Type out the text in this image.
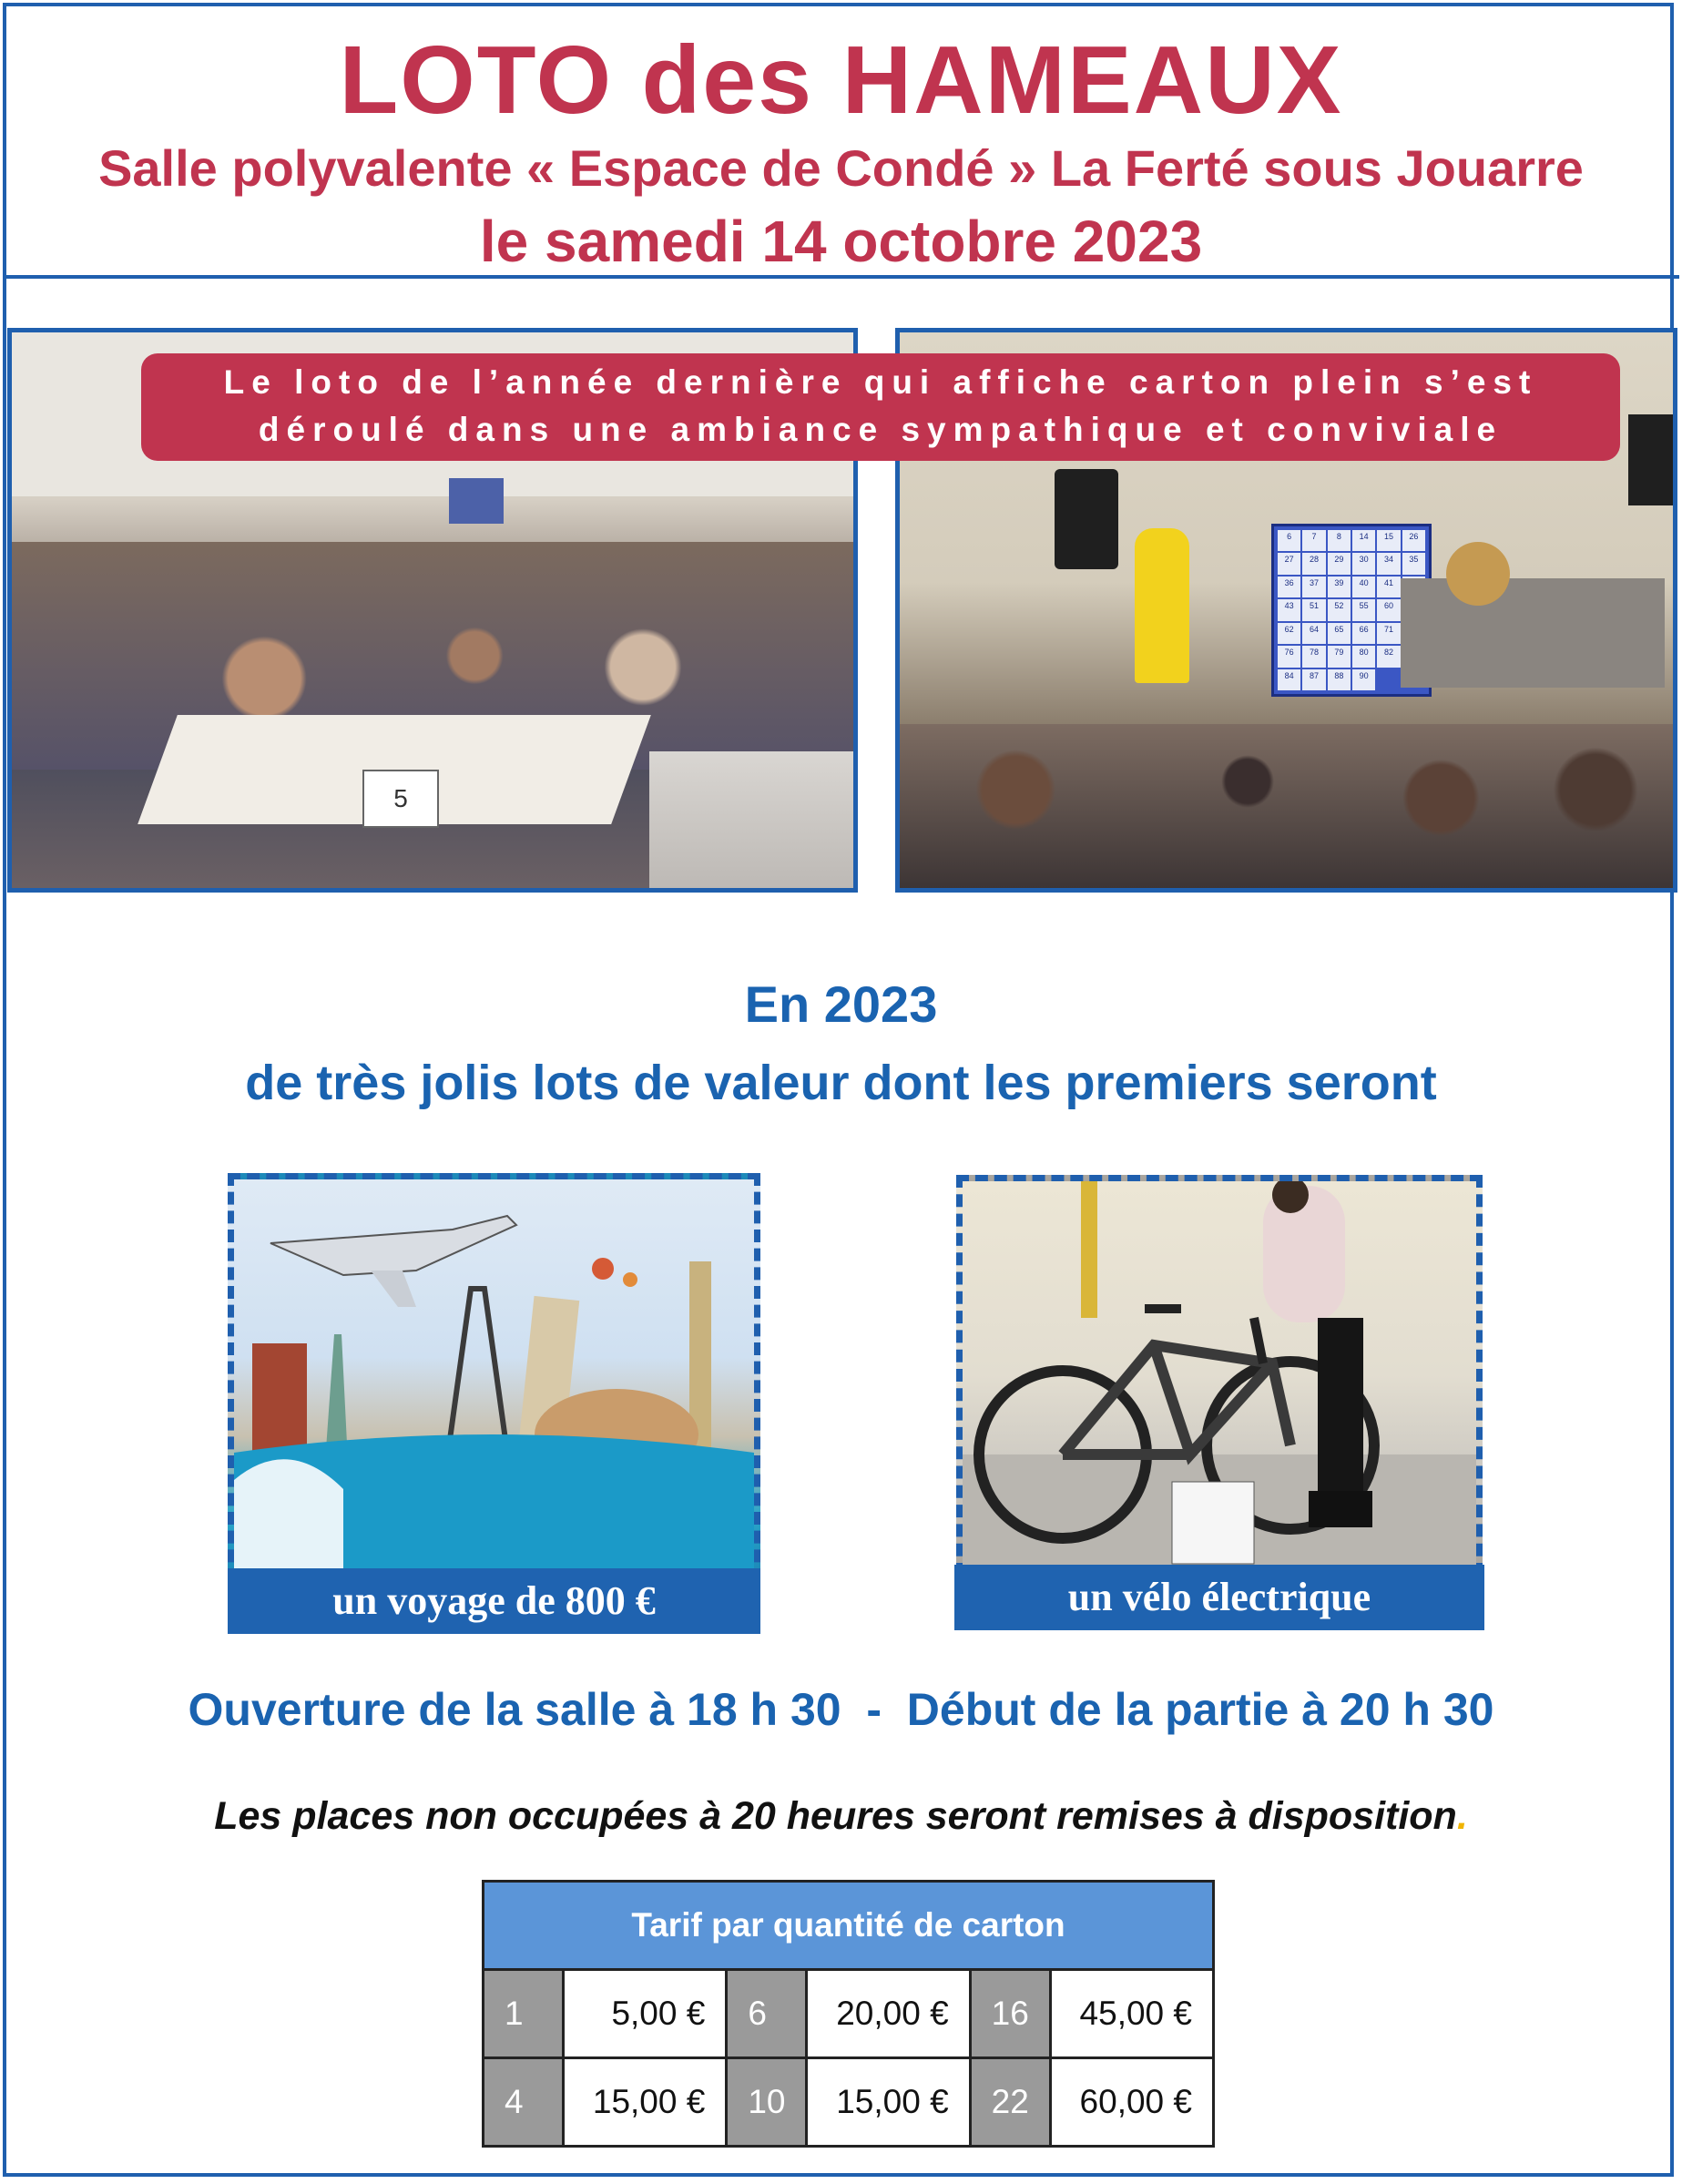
LOTO des HAMEAUX
Salle polyvalente « Espace de Condé » La Ferté sous Jouarre
le samedi 14 octobre 2023
5
6	7	8	14	15	26
27	28	29	30	34	35
36	37	39	40	41
43	51	52	55	60
62	64	65	66	71
76	78	79	80	82
84	87	88	90
Le loto de l’année dernière qui affiche carton plein s’est
déroulé dans une ambiance sympathique et conviviale
En 2023
de très jolis lots de valeur dont les premiers seront
un voyage de 800 €	un vélo électrique
Ouverture de la salle à 18 h 30  -  Début de la partie à 20 h 30
Les places non occupées à 20 heures seront remises à disposition.
Tarif par quantité de carton					
1	5,00 €	6	20,00 €	16	45,00 €
4	15,00 €	10	15,00 €	22	60,00 €
